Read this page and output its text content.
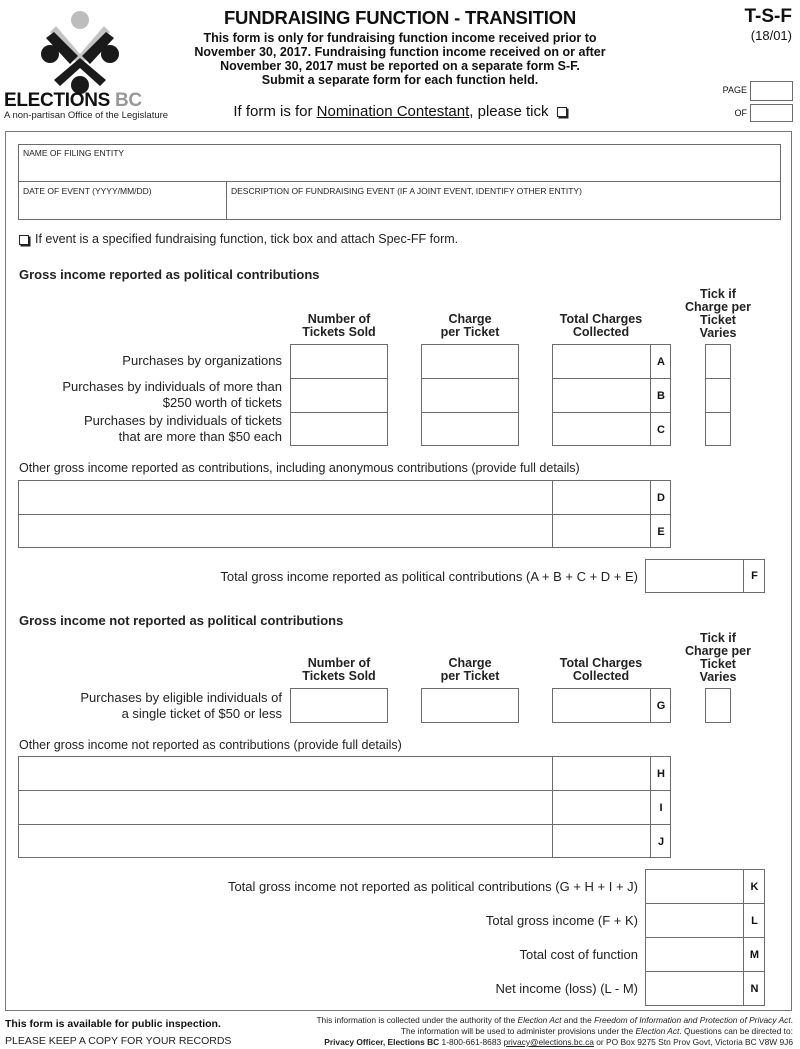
ELECTIONS BC
A non-partisan Office of the Legislature
FUNDRAISING FUNCTION - TRANSITION
This form is only for fundraising function income received prior to
November 30, 2017. Fundraising function income received on or after
November 30, 2017 must be reported on a separate form S-F.
Submit a separate form for each function held.
If form is for Nomination Contestant, please tick
T-S-F
(18/01)
PAGE
OF
NAME OF FILING ENTITY
DATE OF EVENT (YYYY/MM/DD)	DESCRIPTION OF FUNDRAISING EVENT (IF A JOINT EVENT, IDENTIFY OTHER ENTITY)
If event is a specified fundraising function, tick box and attach Spec-FF form.
Gross income reported as political contributions
Number of
Tickets Sold
Charge
per Ticket
Total Charges
Collected
Tick if
Charge per
Ticket
Varies
Purchases by organizations
Purchases by individuals of more than
$250 worth of tickets
Purchases by individuals of tickets
that are more than $50 each
A
B
C
Other gross income reported as contributions, including anonymous contributions (provide full details)
D
E
Total gross income reported as political contributions (A + B + C + D + E)	F
Gross income not reported as political contributions
Number of
Tickets Sold
Charge
per Ticket
Total Charges
Collected
Tick if
Charge per
Ticket
Varies
Purchases by eligible individuals of
a single ticket of $50 or less
G
Other gross income not reported as contributions (provide full details)
H
I
J
Total gross income not reported as political contributions (G + H + I + J)
Total gross income (F + K)
Total cost of function
Net income (loss) (L - M)
K
L
M
N
This form is available for public inspection.
PLEASE KEEP A COPY FOR YOUR RECORDS
This information is collected under the authority of the Election Act and the Freedom of Information and Protection of Privacy Act.
The information will be used to administer provisions under the Election Act. Questions can be directed to:
Privacy Officer, Elections BC 1-800-661-8683 privacy@elections.bc.ca or PO Box 9275 Stn Prov Govt, Victoria BC V8W 9J6
